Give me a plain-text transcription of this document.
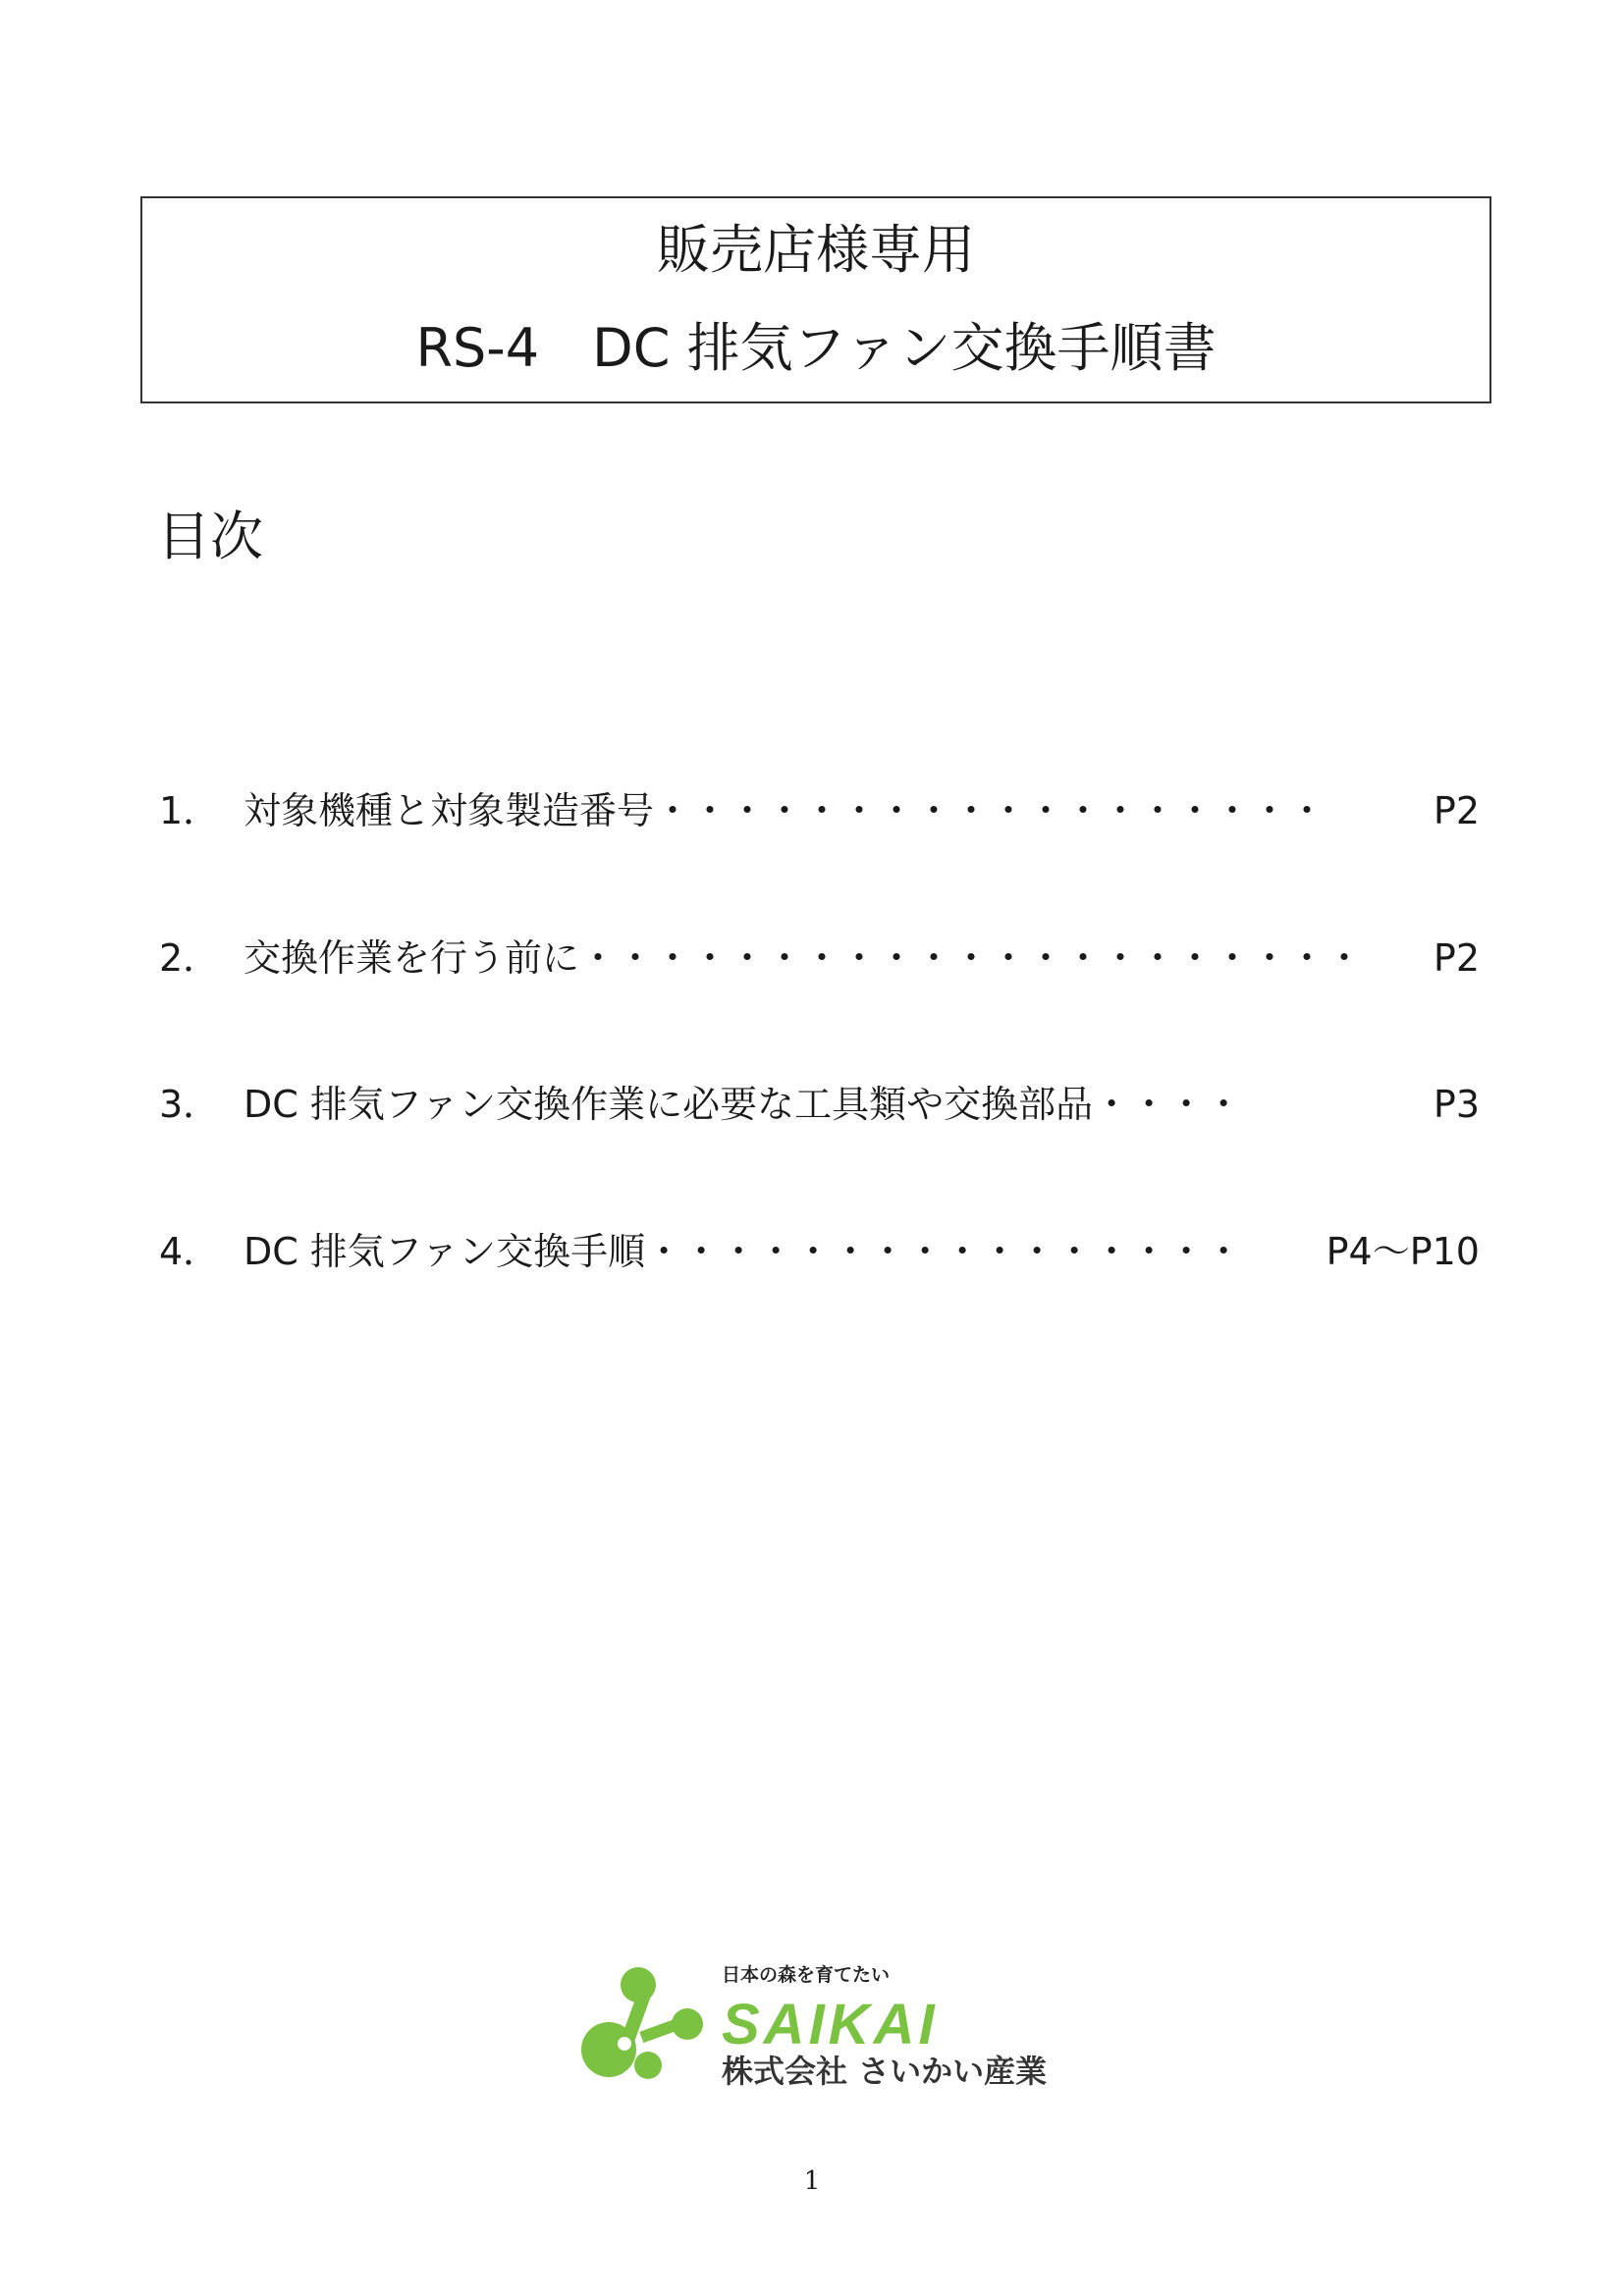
販売店様専用
RS-4　DC 排気ファン交換手順書
目次
1． 対象機種と対象製造番号・・・・・・・・・・・・・・・・・・	P2
2． 交換作業を行う前に・・・・・・・・・・・・・・・・・・・・・ P2
3． DC 排気ファン交換作業に必要な工具類や交換部品・・・・	P3
4． DC 排気ファン交換手順・・・・・・・・・・・・・・・・ P4～P10
SAIKAI
日本の森を育てたい
株式会社 さいかい産業
1
